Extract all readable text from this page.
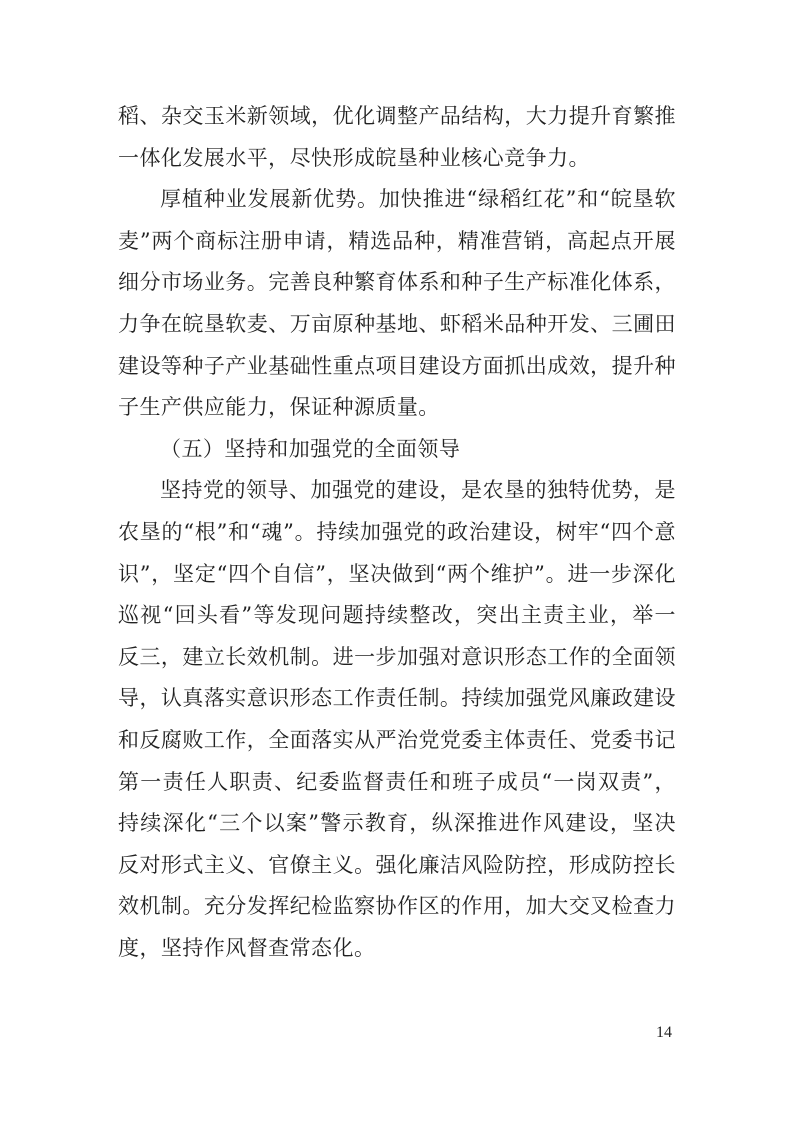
稻、杂交玉米新领域，优化调整产品结构，大力提升育繁推一体化发展水平，尽快形成皖垦种业核心竞争力。

厚植种业发展新优势。加快推进“绿稻红花”和“皖垦软麦”两个商标注册申请，精选品种，精准营销，高起点开展细分市场业务。完善良种繁育体系和种子生产标准化体系，力争在皖垦软麦、万亩原种基地、虾稻米品种开发、三圃田建设等种子产业基础性重点项目建设方面抓出成效，提升种子生产供应能力，保证种源质量。

（五）坚持和加强党的全面领导

坚持党的领导、加强党的建设，是农垦的独特优势，是农垦的“根”和“魂”。持续加强党的政治建设，树牢“四个意识”，坚定“四个自信”，坚决做到“两个维护”。进一步深化巡视“回头看”等发现问题持续整改，突出主责主业，举一反三，建立长效机制。进一步加强对意识形态工作的全面领导，认真落实意识形态工作责任制。持续加强党风廉政建设和反腐败工作，全面落实从严治党党委主体责任、党委书记第一责任人职责、纪委监督责任和班子成员“一岗双责”，持续深化“三个以案”警示教育，纵深推进作风建设，坚决反对形式主义、官僚主义。强化廉洁风险防控，形成防控长效机制。充分发挥纪检监察协作区的作用，加大交叉检查力度，坚持作风督查常态化。

14
